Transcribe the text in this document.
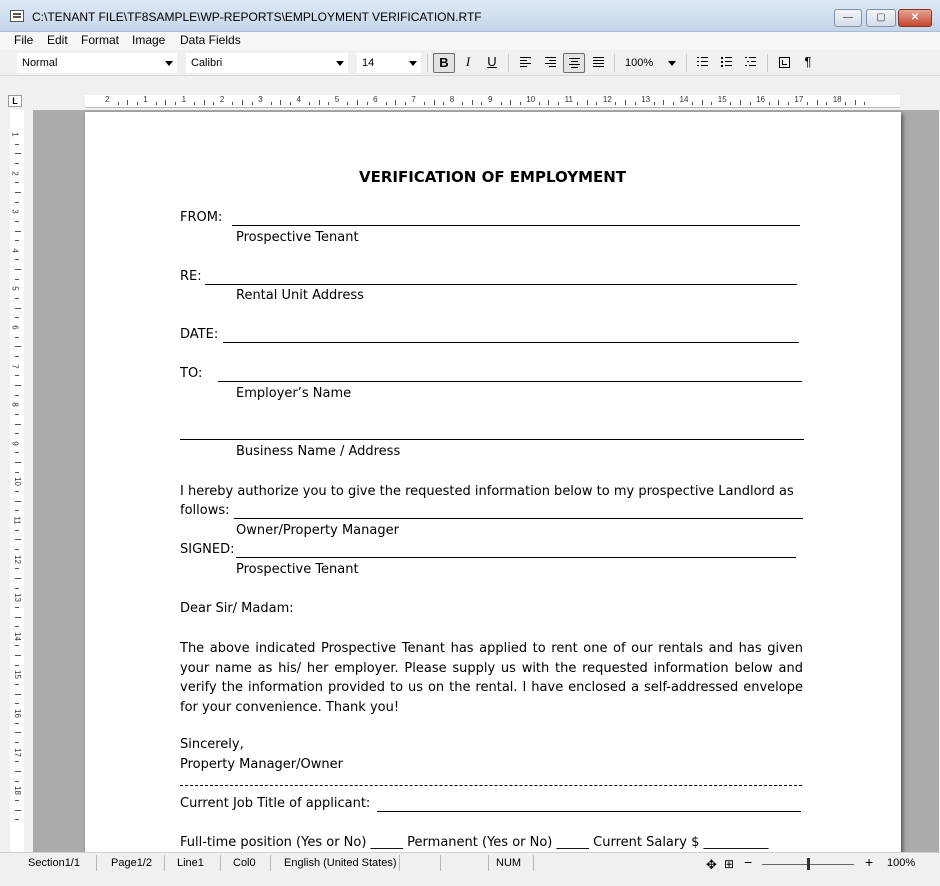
C:\TENANT FILE\TF8SAMPLE\WP-REPORTS\EMPLOYMENT VERIFICATION.RTF	—	▢	✕
File Edit Format Image Data Fields
Normal	Calibri	14	B	I	U	100%	¶
L	2	1	1	2	3	4	5	6	7	8	9	10	11	12	13	14	15	16	17	18
1
2
3
4
5
6
7
8
9
10
11
12
13
14
15
16
17
18
VERIFICATION OF EMPLOYMENT
FROM:
Prospective Tenant
RE:
Rental Unit Address
DATE:
TO:
Employer’s Name
Business Name / Address
I hereby authorize you to give the requested information below to my prospective Landlord as
follows:
Owner/Property Manager
SIGNED:
Prospective Tenant
Dear Sir/ Madam:
The above indicated Prospective Tenant has applied to rent one of our rentals and has given your name as his/ her employer. Please supply us with the requested information below and verify the information provided to us on the rental. I have enclosed a self-addressed envelope for your convenience. Thank you!
Sincerely,
Property Manager/Owner
Current Job Title of applicant:
Full-time position (Yes or No) _____ Permanent (Yes or No) _____ Current Salary $ __________
Section1/1	Page1/2 Line1	Col0	English (United States)	NUM	✥ ⊞ −	+ 100%
